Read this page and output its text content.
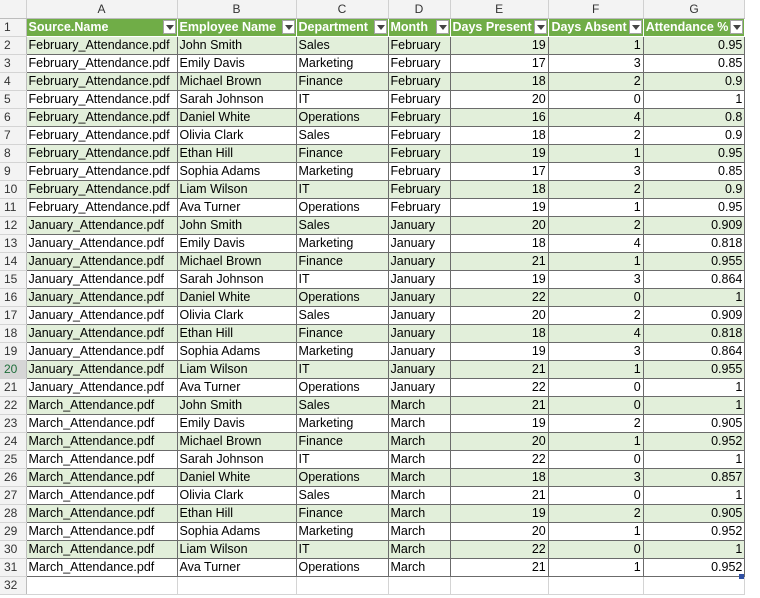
	A	B	C	D	E	F	G
1	Source.Name	Employee Name	Department	Month	Days Present	Days Absent	Attendance %

2	February_Attendance.pdf	John Smith	Sales	February	19	1	0.95
3	February_Attendance.pdf	Emily Davis	Marketing	February	17	3	0.85
4	February_Attendance.pdf	Michael Brown	Finance	February	18	2	0.9
5	February_Attendance.pdf	Sarah Johnson	IT	February	20	0	1
6	February_Attendance.pdf	Daniel White	Operations	February	16	4	0.8
7	February_Attendance.pdf	Olivia Clark	Sales	February	18	2	0.9
8	February_Attendance.pdf	Ethan Hill	Finance	February	19	1	0.95
9	February_Attendance.pdf	Sophia Adams	Marketing	February	17	3	0.85
10	February_Attendance.pdf	Liam Wilson	IT	February	18	2	0.9
11	February_Attendance.pdf	Ava Turner	Operations	February	19	1	0.95
12	January_Attendance.pdf	John Smith	Sales	January	20	2	0.909
13	January_Attendance.pdf	Emily Davis	Marketing	January	18	4	0.818
14	January_Attendance.pdf	Michael Brown	Finance	January	21	1	0.955
15	January_Attendance.pdf	Sarah Johnson	IT	January	19	3	0.864
16	January_Attendance.pdf	Daniel White	Operations	January	22	0	1
17	January_Attendance.pdf	Olivia Clark	Sales	January	20	2	0.909
18	January_Attendance.pdf	Ethan Hill	Finance	January	18	4	0.818
19	January_Attendance.pdf	Sophia Adams	Marketing	January	19	3	0.864
20	January_Attendance.pdf	Liam Wilson	IT	January	21	1	0.955
21	January_Attendance.pdf	Ava Turner	Operations	January	22	0	1
22	March_Attendance.pdf	John Smith	Sales	March	21	0	1
23	March_Attendance.pdf	Emily Davis	Marketing	March	19	2	0.905
24	March_Attendance.pdf	Michael Brown	Finance	March	20	1	0.952
25	March_Attendance.pdf	Sarah Johnson	IT	March	22	0	1
26	March_Attendance.pdf	Daniel White	Operations	March	18	3	0.857
27	March_Attendance.pdf	Olivia Clark	Sales	March	21	0	1
28	March_Attendance.pdf	Ethan Hill	Finance	March	19	2	0.905
29	March_Attendance.pdf	Sophia Adams	Marketing	March	20	1	0.952
30	March_Attendance.pdf	Liam Wilson	IT	March	22	0	1
31	March_Attendance.pdf	Ava Turner	Operations	March	21	1	0.952
32							
